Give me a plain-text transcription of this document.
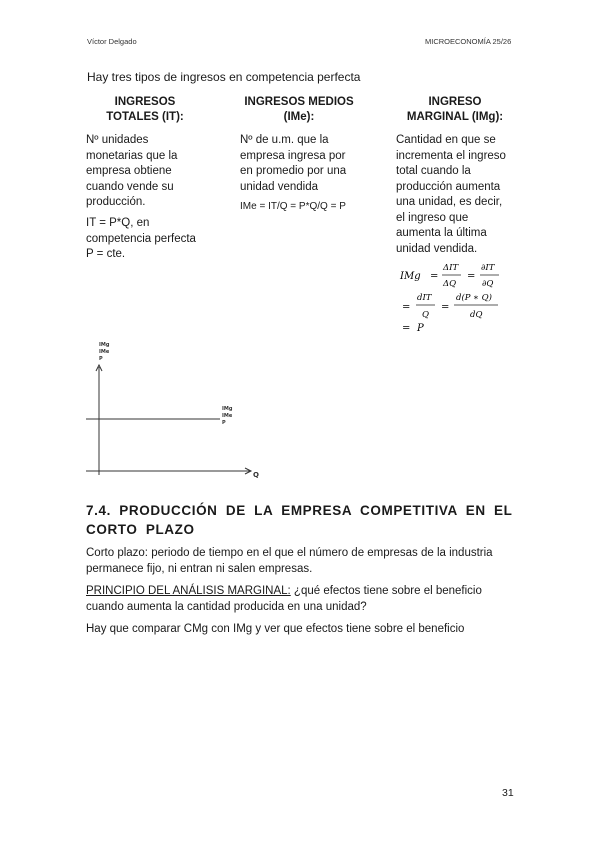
Víctor Delgado	MICROECONOMÍA 25/26
Hay tres tipos de ingresos en competencia perfecta
INGRESOS
TOTALES (IT):
Nº unidades
monetarias que la
empresa obtiene
cuando vende su
producción.
IT = P*Q, en
competencia perfecta
P = cte.
INGRESOS MEDIOS
(IMe):
Nº de u.m. que la
empresa ingresa por
en promedio por una
unidad vendida
IMe = IT/Q = P*Q/Q = P
INGRESO
MARGINAL (IMg):
Cantidad en que se
incrementa el ingreso
total cuando la
producción aumenta
una unidad, es decir,
el ingreso que
aumenta la última
unidad vendida.
IMg =
ΔIT
ΔQ
=
∂IT
∂Q
=
dIT
Q
=
d(P ∗ Q)
dQ
= P
IMg
IMe
P
IMg
IMe
P
Q
7.4. PRODUCCIÓN DE LA EMPRESA COMPETITIVA EN EL
CORTO PLAZO
Corto plazo: periodo de tiempo en el que el número de empresas de la industria
permanece fijo, ni entran ni salen empresas.
PRINCIPIO DEL ANÁLISIS MARGINAL: ¿qué efectos tiene sobre el beneficio
cuando aumenta la cantidad producida en una unidad?
Hay que comparar CMg con IMg y ver que efectos tiene sobre el beneficio
31
